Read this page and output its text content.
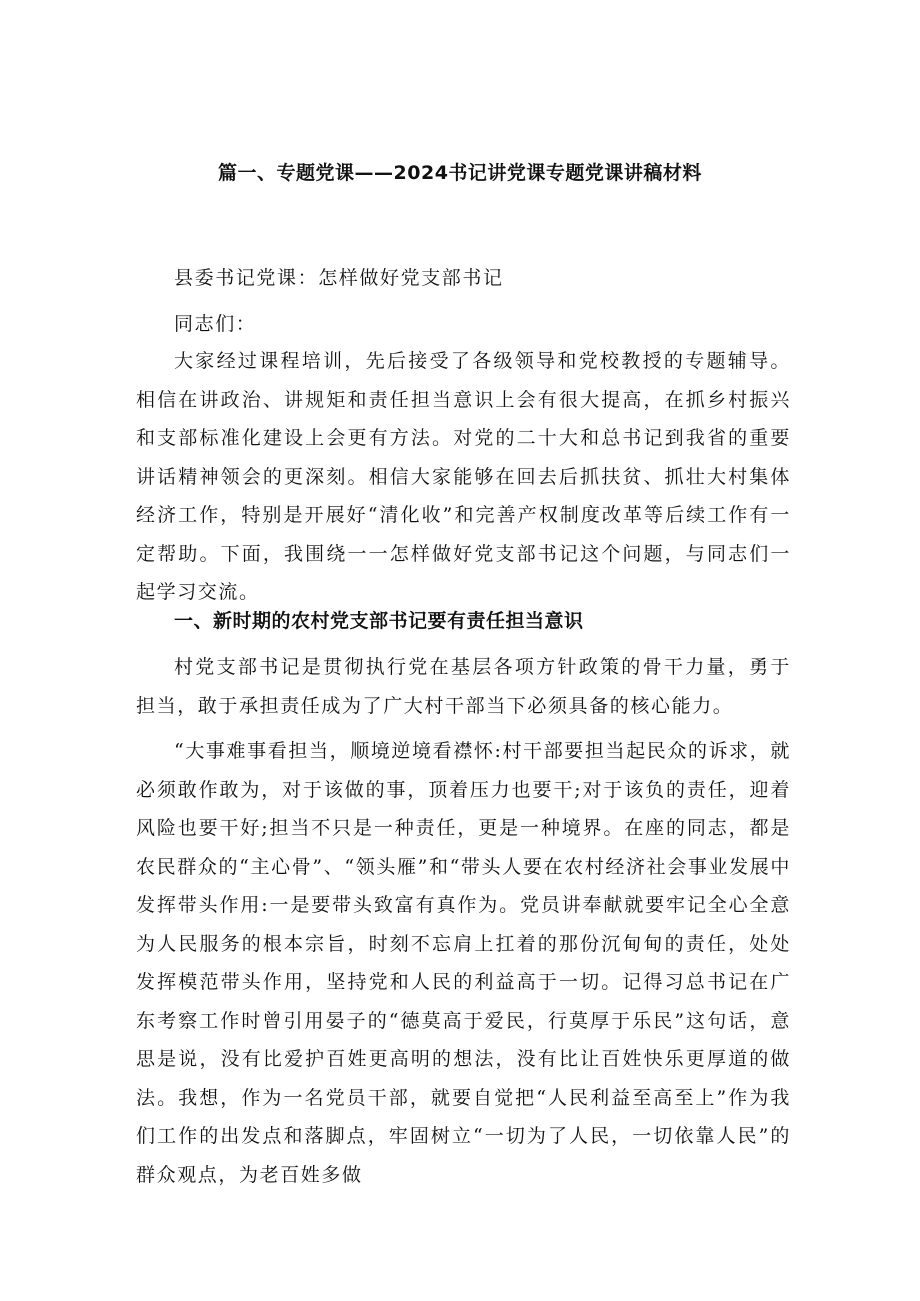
篇一、专题党课——2024书记讲党课专题党课讲稿材料
县委书记党课：怎样做好党支部书记
同志们：
大家经过课程培训，先后接受了各级领导和党校教授的专题辅导。相信在讲政治、讲规矩和责任担当意识上会有很大提高，在抓乡村振兴和支部标准化建设上会更有方法。对党的二十大和总书记到我省的重要讲话精神领会的更深刻。相信大家能够在回去后抓扶贫、抓壮大村集体经济工作，特别是开展好“清化收”和完善产权制度改革等后续工作有一定帮助。下面，我围绕一一怎样做好党支部书记这个问题，与同志们一起学习交流。
一、新时期的农村党支部书记要有责任担当意识
村党支部书记是贯彻执行党在基层各项方针政策的骨干力量，勇于担当，敢于承担责任成为了广大村干部当下必须具备的核心能力。
“大事难事看担当，顺境逆境看襟怀:村干部要担当起民众的诉求，就必须敢作敢为，对于该做的事，顶着压力也要干;对于该负的责任，迎着风险也要干好;担当不只是一种责任，更是一种境界。在座的同志，都是农民群众的“主心骨”、“领头雁”和“带头人要在农村经济社会事业发展中发挥带头作用:一是要带头致富有真作为。党员讲奉献就要牢记全心全意为人民服务的根本宗旨，时刻不忘肩上扛着的那份沉甸甸的责任，处处发挥模范带头作用，坚持党和人民的利益高于一切。记得习总书记在广东考察工作时曾引用晏子的“德莫高于爱民，行莫厚于乐民”这句话，意思是说，没有比爱护百姓更高明的想法，没有比让百姓快乐更厚道的做法。我想，作为一名党员干部，就要自觉把“人民利益至高至上”作为我们工作的出发点和落脚点，牢固树立“一切为了人民，一切依靠人民”的群众观点，为老百姓多做
